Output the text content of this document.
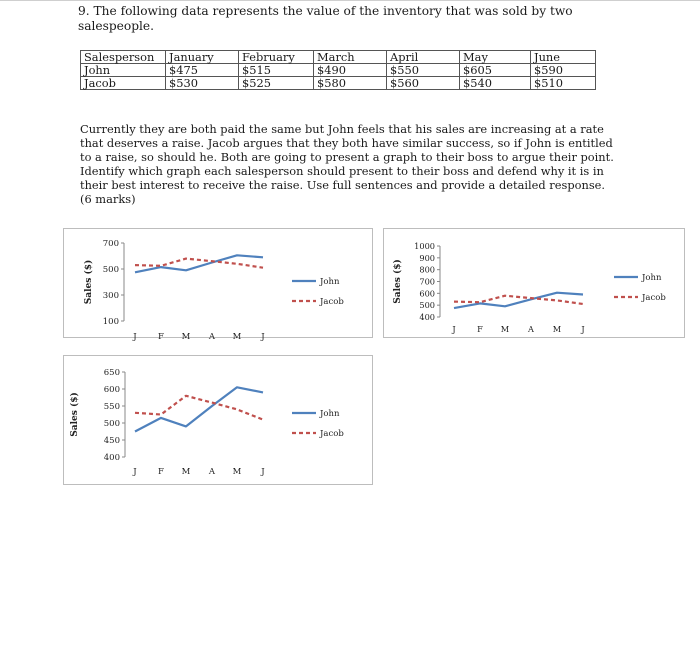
9. The following data represents the value of the inventory that was sold by two salespeople.

Salesperson	January	February	March	April	May	June
John	$475	$515	$490	$550	$605	$590
Jacob	$530	$525	$580	$560	$540	$510

Currently they are both paid the same but John feels that his sales are increasing at a rate that deserves a raise. Jacob argues that they both have similar success, so if John is entitled to a raise, so should he. Both are going to present a graph to their boss to argue their point. Identify which graph each salesperson should present to their boss and defend why it is in their best interest to receive the raise. Use full sentences and provide a detailed response.
(6 marks)

100
300
500
700
Sales ($)
J	F M A M J
John
Jacob
400
500
600
700
800
900
1000
Sales ($)
J	F M A M J
John
Jacob
400
450
500
550
600
650
Sales ($)
J	F M A M J
John
Jacob
